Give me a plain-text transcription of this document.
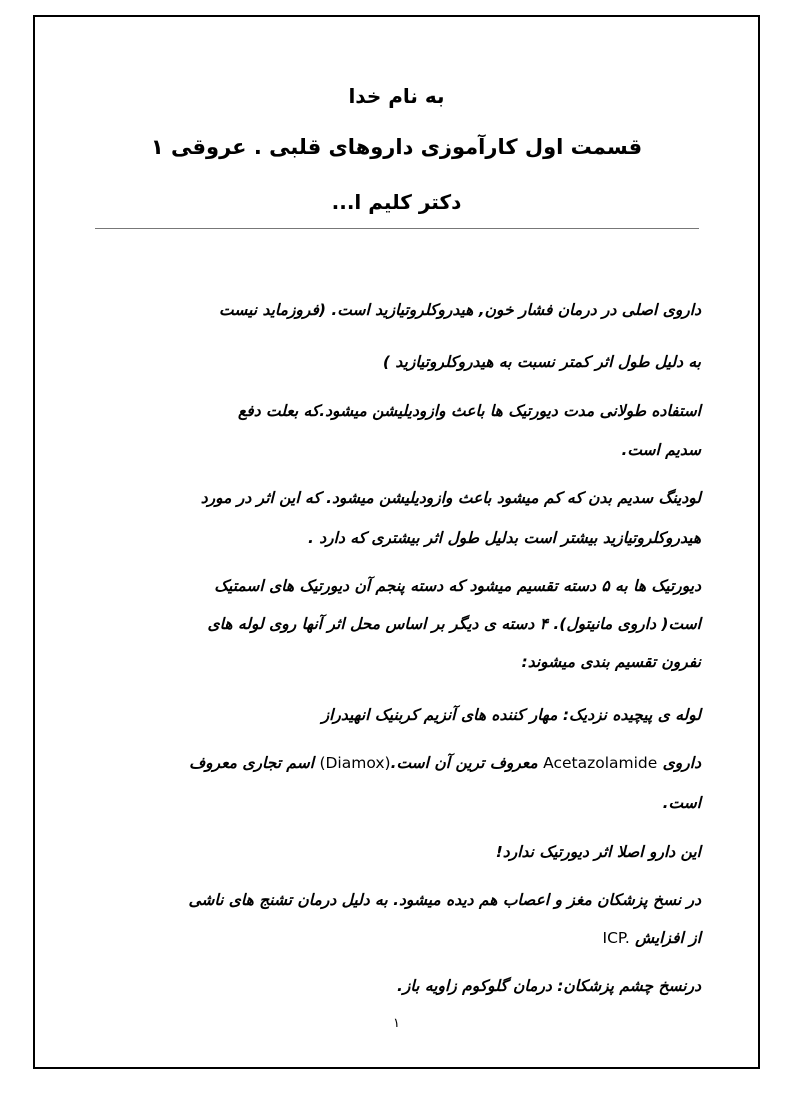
به نام خدا
قسمت اول کارآموزی داروهای قلبی . عروقی ۱
دکتر کلیم ا...
داروی اصلی در درمان فشار خون, هیدروکلروتیازید است. (فروزماید نیست
به دلیل طول اثر کمتر نسبت به هیدروکلروتیازید )
استفاده طولانی مدت دیورتیک ها باعث وازودیلیشن میشود.که بعلت دفع
سدیم است.
لودینگ سدیم بدن که کم میشود باعث وازودیلیشن میشود. که این اثر در مورد
هیدروکلروتیازید بیشتر است بدلیل طول اثر بیشتری که دارد .
دیورتیک ها به ۵ دسته تقسیم میشود که دسته پنجم آن دیورتیک های اسمتیک
است( داروی مانیتول). ۴ دسته ی دیگر بر اساس محل اثر آنها روی لوله های
نفرون تقسیم بندی میشوند:
لوله ی پیچیده نزدیک: مهار کننده های آنزیم کربنیک انهیدراز
داروی Acetazolamide معروف ترین آن است.(Diamox) اسم تجاری معروف
است.
این دارو اصلا اثر دیورتیک ندارد!
در نسخ پزشکان مغز و اعصاب هم دیده میشود. به دلیل درمان تشنج های ناشی
از افزایش ICP.
درنسخ چشم پزشکان: درمان گلوکوم زاویه باز.
۱
